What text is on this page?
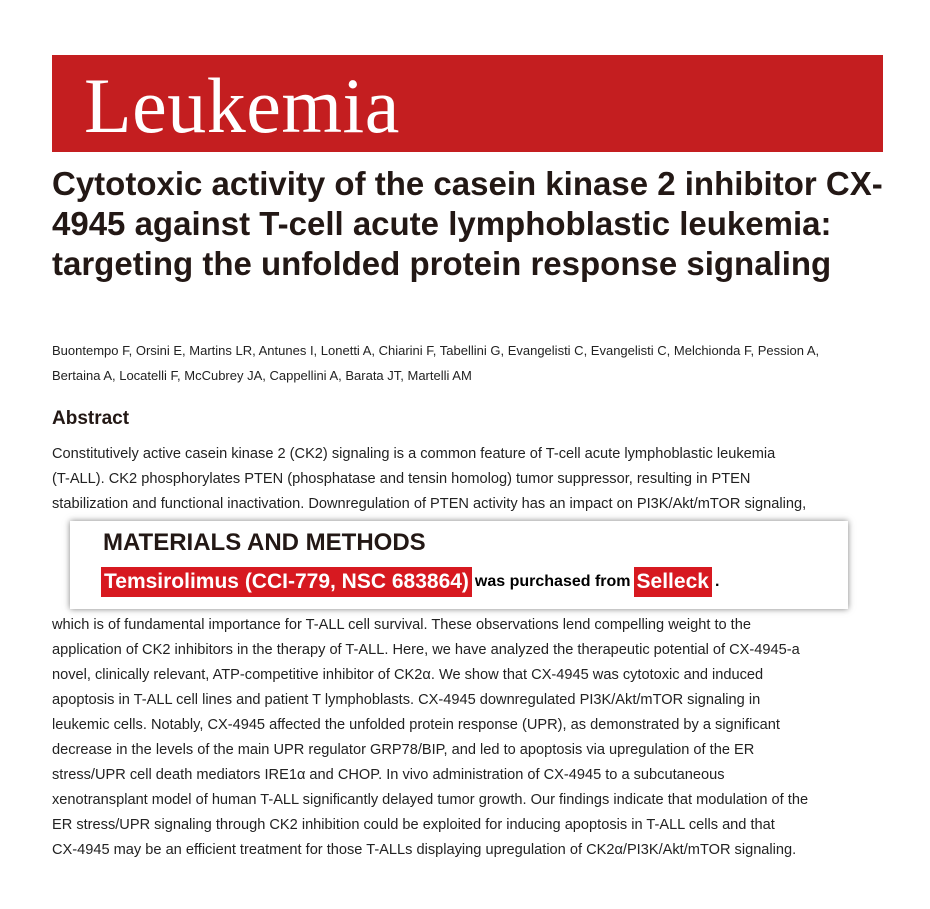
Leukemia
Cytotoxic activity of the casein kinase 2 inhibitor CX-4945 against T-cell acute lymphoblastic leukemia: targeting the unfolded protein response signaling
Buontempo F, Orsini E, Martins LR, Antunes I, Lonetti A, Chiarini F, Tabellini G, Evangelisti C, Evangelisti C, Melchionda F, Pession A,
Bertaina A, Locatelli F, McCubrey JA, Cappellini A, Barata JT, Martelli AM
Abstract
Constitutively active casein kinase 2 (CK2) signaling is a common feature of T-cell acute lymphoblastic leukemia
(T-ALL). CK2 phosphorylates PTEN (phosphatase and tensin homolog) tumor suppressor, resulting in PTEN
stabilization and functional inactivation. Downregulation of PTEN activity has an impact on PI3K/Akt/mTOR signaling,
MATERIALS AND METHODS
Temsirolimus (CCI-779, NSC 683864) was purchased from Selleck .
which is of fundamental importance for T-ALL cell survival. These observations lend compelling weight to the
application of CK2 inhibitors in the therapy of T-ALL. Here, we have analyzed the therapeutic potential of CX-4945-a
novel, clinically relevant, ATP-competitive inhibitor of CK2α. We show that CX-4945 was cytotoxic and induced
apoptosis in T-ALL cell lines and patient T lymphoblasts. CX-4945 downregulated PI3K/Akt/mTOR signaling in
leukemic cells. Notably, CX-4945 affected the unfolded protein response (UPR), as demonstrated by a significant
decrease in the levels of the main UPR regulator GRP78/BIP, and led to apoptosis via upregulation of the ER
stress/UPR cell death mediators IRE1α and CHOP. In vivo administration of CX-4945 to a subcutaneous
xenotransplant model of human T-ALL significantly delayed tumor growth. Our findings indicate that modulation of the
ER stress/UPR signaling through CK2 inhibition could be exploited for inducing apoptosis in T-ALL cells and that
CX-4945 may be an efficient treatment for those T-ALLs displaying upregulation of CK2α/PI3K/Akt/mTOR signaling.
